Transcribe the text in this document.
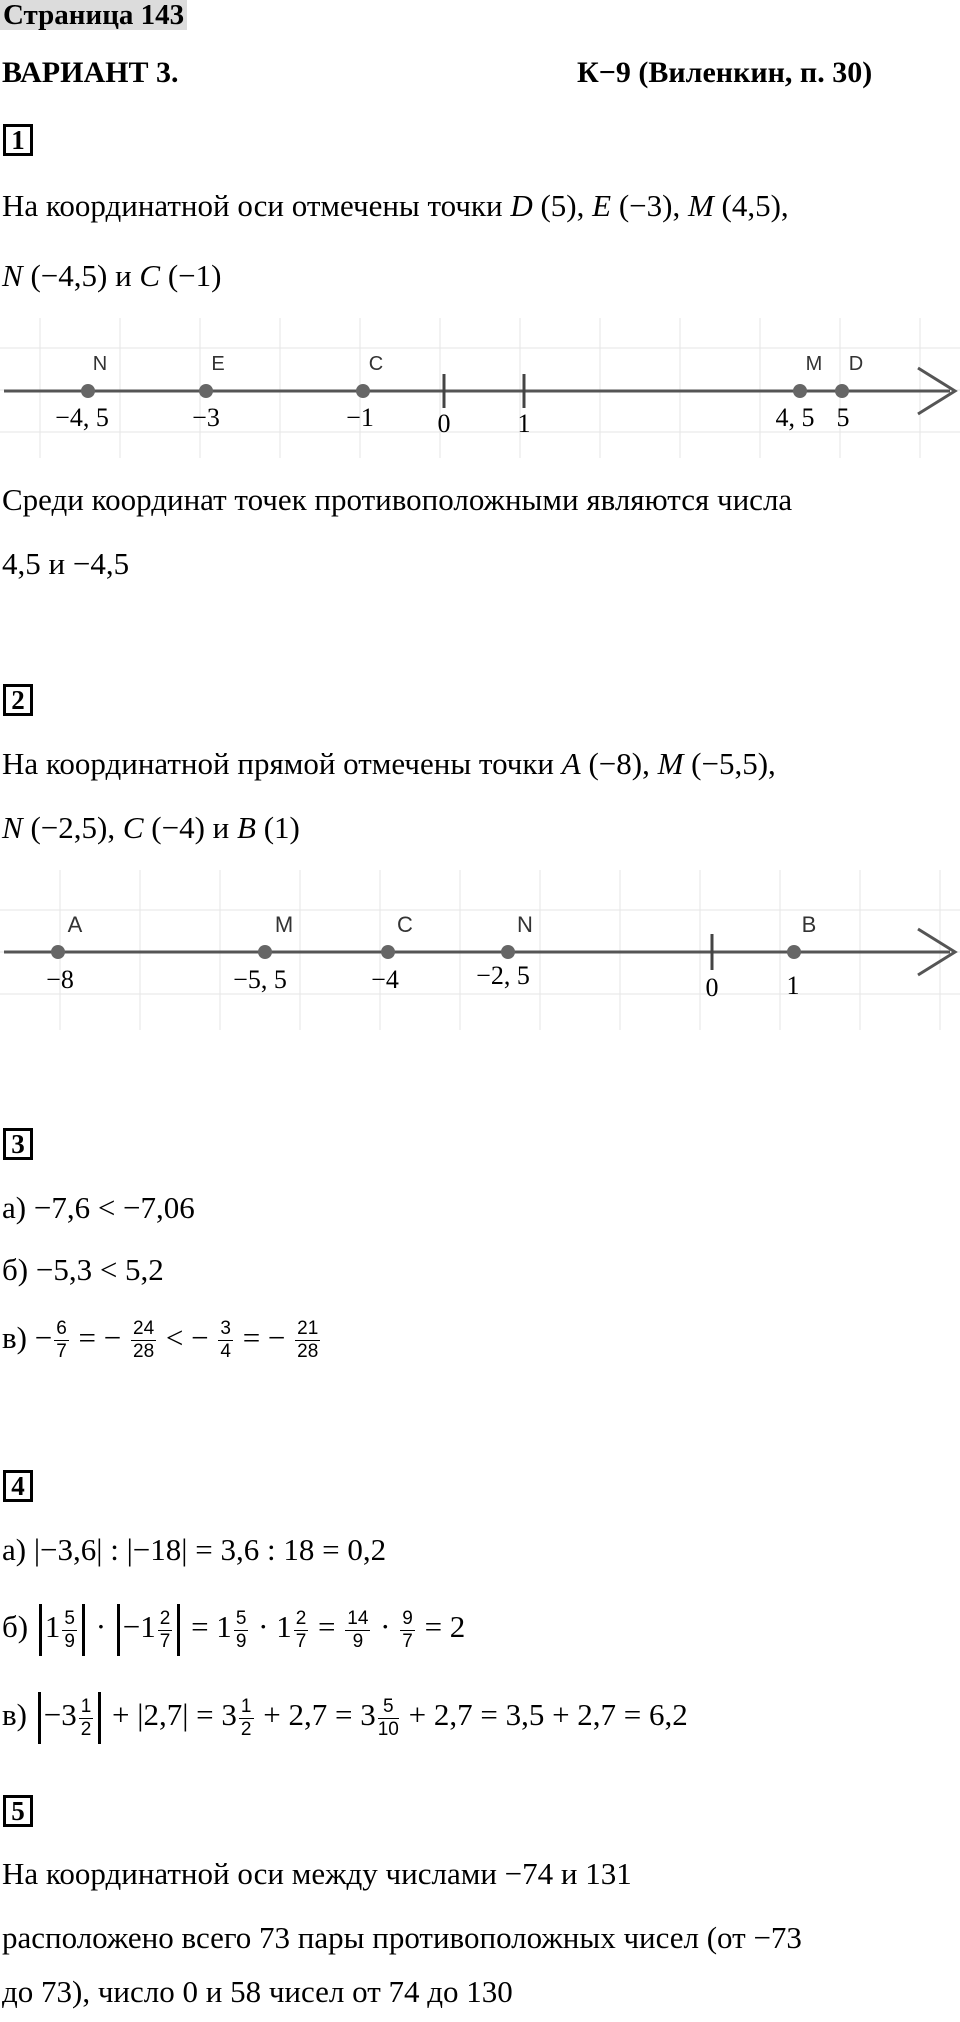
Страница 143
ВАРИАНТ 3.	К−9 (Виленкин, п. 30)
1
На координатной оси отмечены точки D (5), E (−3), M (4,5),
N (−4,5) и C (−1)
0	1
N
−4, 5
E
−3
C
−1
M
4, 5
D
5
Среди координат точек противоположными являются числа
4,5 и −4,5
2
На координатной прямой отмечены точки A (−8), M (−5,5),
N (−2,5), C (−4) и B (1)
0
A
−8
M
−5, 5
C
−4
N
−2, 5
B
1
3
а) −7,6 < −7,06
б) −5,3 < 5,2
$в) - \frac{6}{7}$ = − $\frac{24}{28}$ < − $\frac{3}{4}$ = − $\frac{21}{28}$
4
а) |−3,6| : |−18| = 3,6 : 18 = 0,2
б) $1 \frac{5}{9} \cdot -1 \frac{2}{7} = 1 \frac{5}{9} \cdot 1 \frac{2}{7} = \frac{14}{9} \cdot \frac{9}{7} = 2$
$в) -3 \frac{1}{2} + |2,7| = 3 \frac{1}{2} + 2,7 = 3 \frac{5}{10} + 2,7 = 3,5 + 2,7 = 6,2$
5
На координатной оси между числами −74 и 131
расположено всего 73 пары противоположных чисел (от −73
до 73), число 0 и 58 чисел от 74 до 130
